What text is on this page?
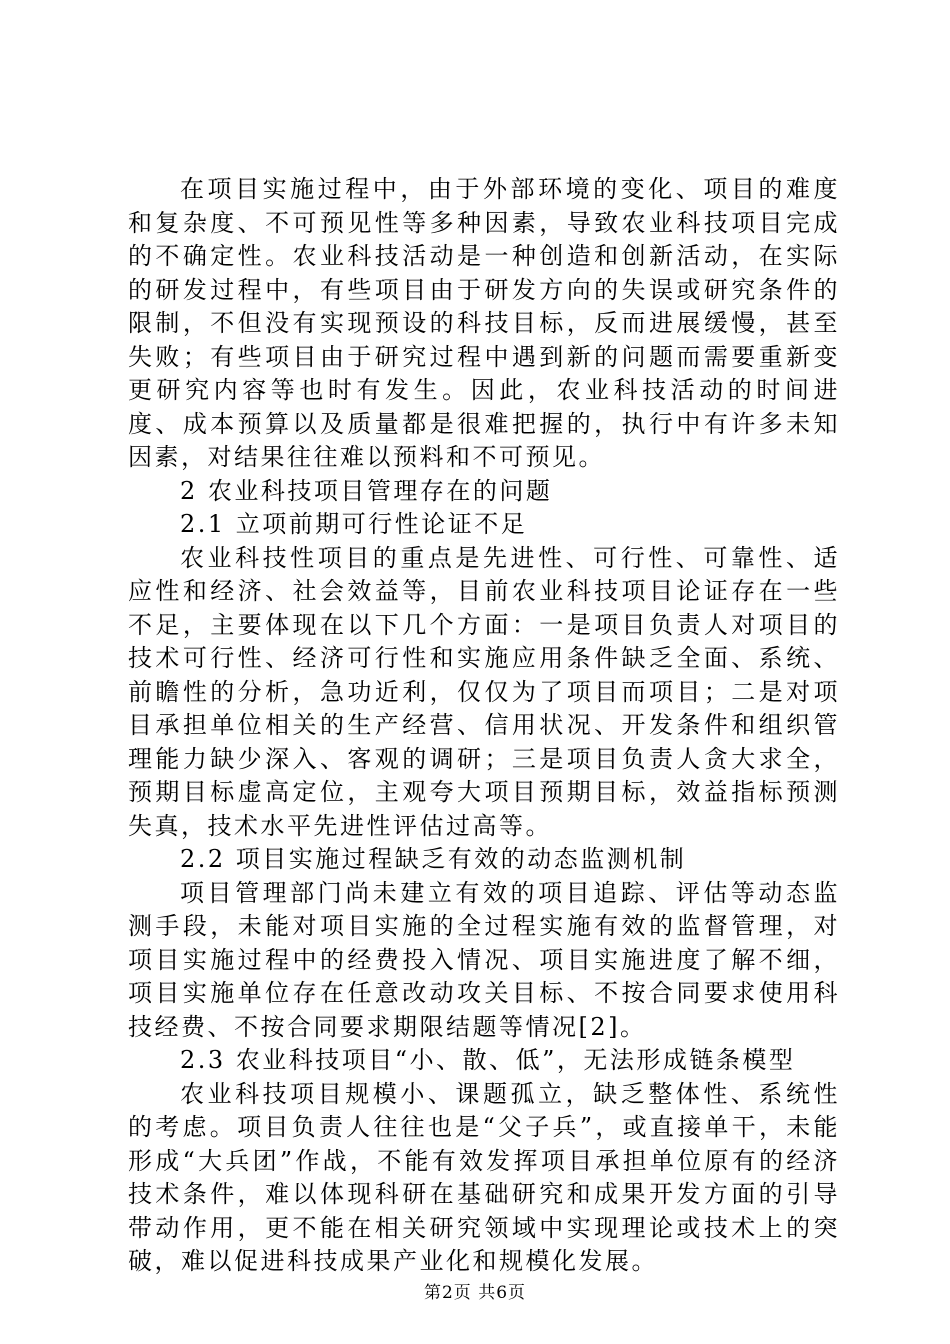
在项目实施过程中，由于外部环境的变化、项目的难度和复杂度、不可预见性等多种因素，导致农业科技项目完成的不确定性。农业科技活动是一种创造和创新活动，在实际的研发过程中，有些项目由于研发方向的失误或研究条件的限制，不但没有实现预设的科技目标，反而进展缓慢，甚至失败；有些项目由于研究过程中遇到新的问题而需要重新变更研究内容等也时有发生。因此，农业科技活动的时间进度、成本预算以及质量都是很难把握的，执行中有许多未知因素，对结果往往难以预料和不可预见。

2 农业科技项目管理存在的问题
2.1 立项前期可行性论证不足

农业科技性项目的重点是先进性、可行性、可靠性、适应性和经济、社会效益等，目前农业科技项目论证存在一些不足，主要体现在以下几个方面：一是项目负责人对项目的技术可行性、经济可行性和实施应用条件缺乏全面、系统、前瞻性的分析，急功近利，仅仅为了项目而项目；二是对项目承担单位相关的生产经营、信用状况、开发条件和组织管理能力缺少深入、客观的调研；三是项目负责人贪大求全，预期目标虚高定位，主观夸大项目预期目标，效益指标预测失真，技术水平先进性评估过高等。

2.2 项目实施过程缺乏有效的动态监测机制

项目管理部门尚未建立有效的项目追踪、评估等动态监测手段，未能对项目实施的全过程实施有效的监督管理，对项目实施过程中的经费投入情况、项目实施进度了解不细，项目实施单位存在任意改动攻关目标、不按合同要求使用科技经费、不按合同要求期限结题等情况[2]。

2.3 农业科技项目“小、散、低”，无法形成链条模型

农业科技项目规模小、课题孤立，缺乏整体性、系统性的考虑。项目负责人往往也是“父子兵”，或直接单干，未能形成“大兵团”作战，不能有效发挥项目承担单位原有的经济技术条件，难以体现科研在基础研究和成果开发方面的引导带动作用，更不能在相关研究领域中实现理论或技术上的突破，难以促进科技成果产业化和规模化发展。

第2页 共6页
